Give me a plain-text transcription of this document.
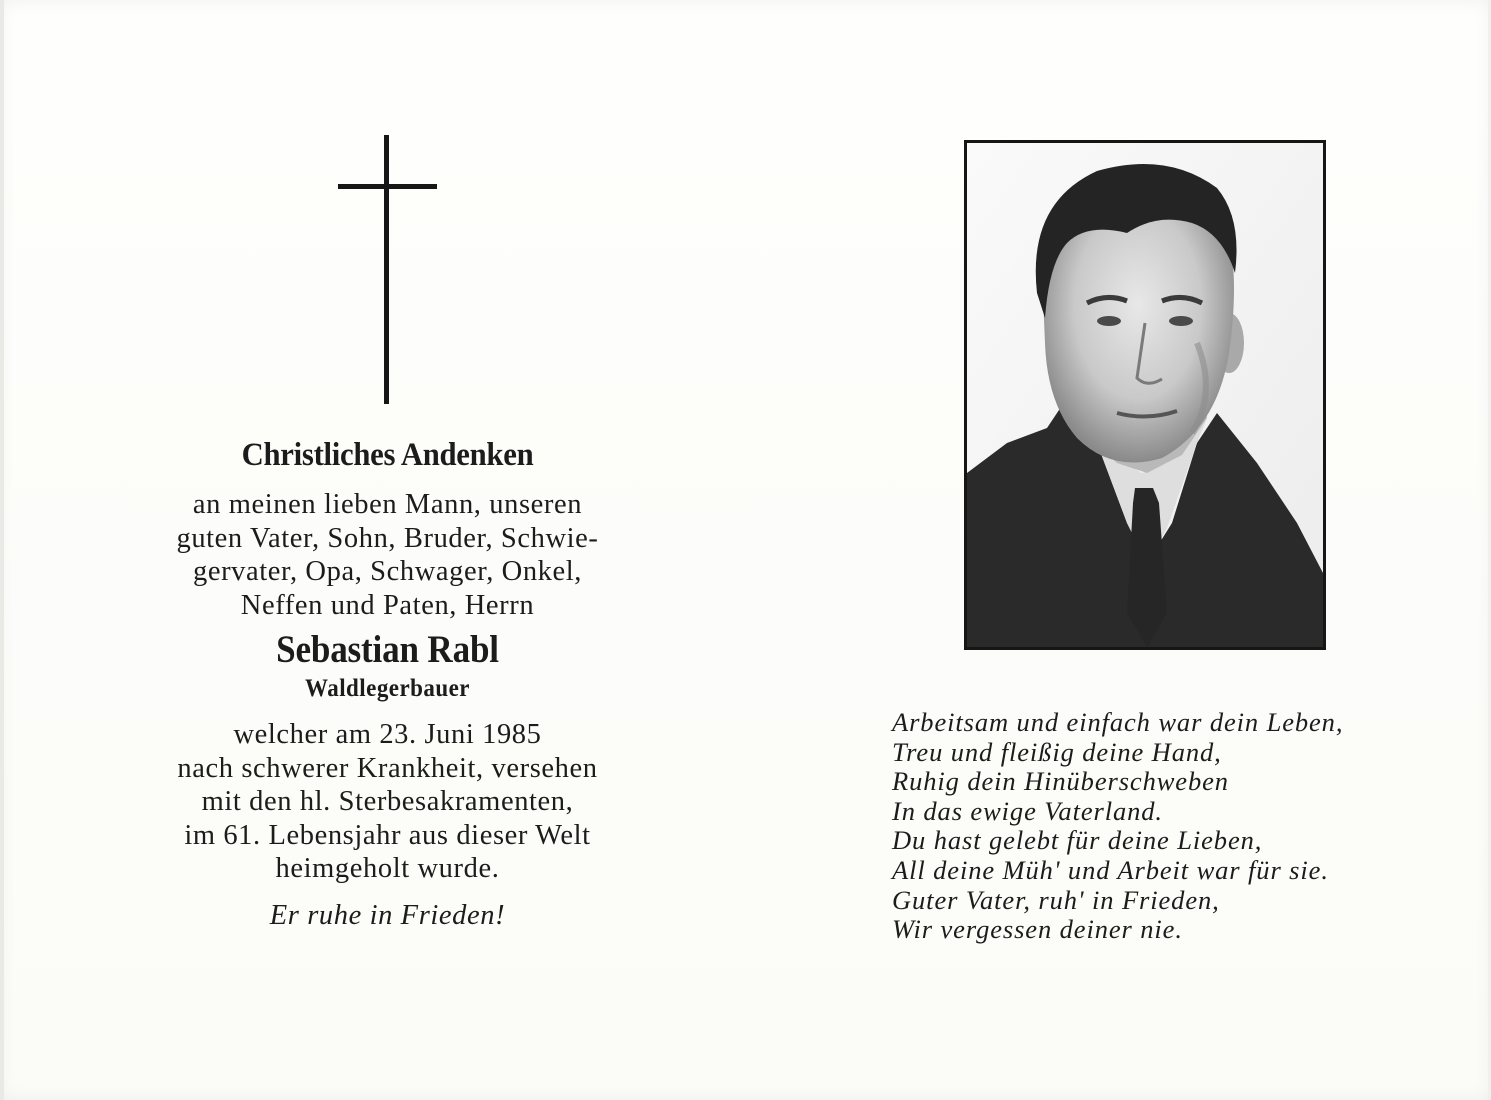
Christliches Andenken
an meinen lieben Mann, unseren
guten Vater, Sohn, Bruder, Schwie-
gervater, Opa, Schwager, Onkel,
Neffen und Paten, Herrn
Sebastian Rabl
Waldlegerbauer
welcher am 23. Juni 1985
nach schwerer Krankheit, versehen
mit den hl. Sterbesakramenten,
im 61. Lebensjahr aus dieser Welt
heimgeholt wurde.
Er ruhe in Frieden!
Arbeitsam und einfach war dein Leben,
Treu und fleißig deine Hand,
Ruhig dein Hinüberschweben
In das ewige Vaterland.
Du hast gelebt für deine Lieben,
All deine Müh' und Arbeit war für sie.
Guter Vater, ruh' in Frieden,
Wir vergessen deiner nie.
